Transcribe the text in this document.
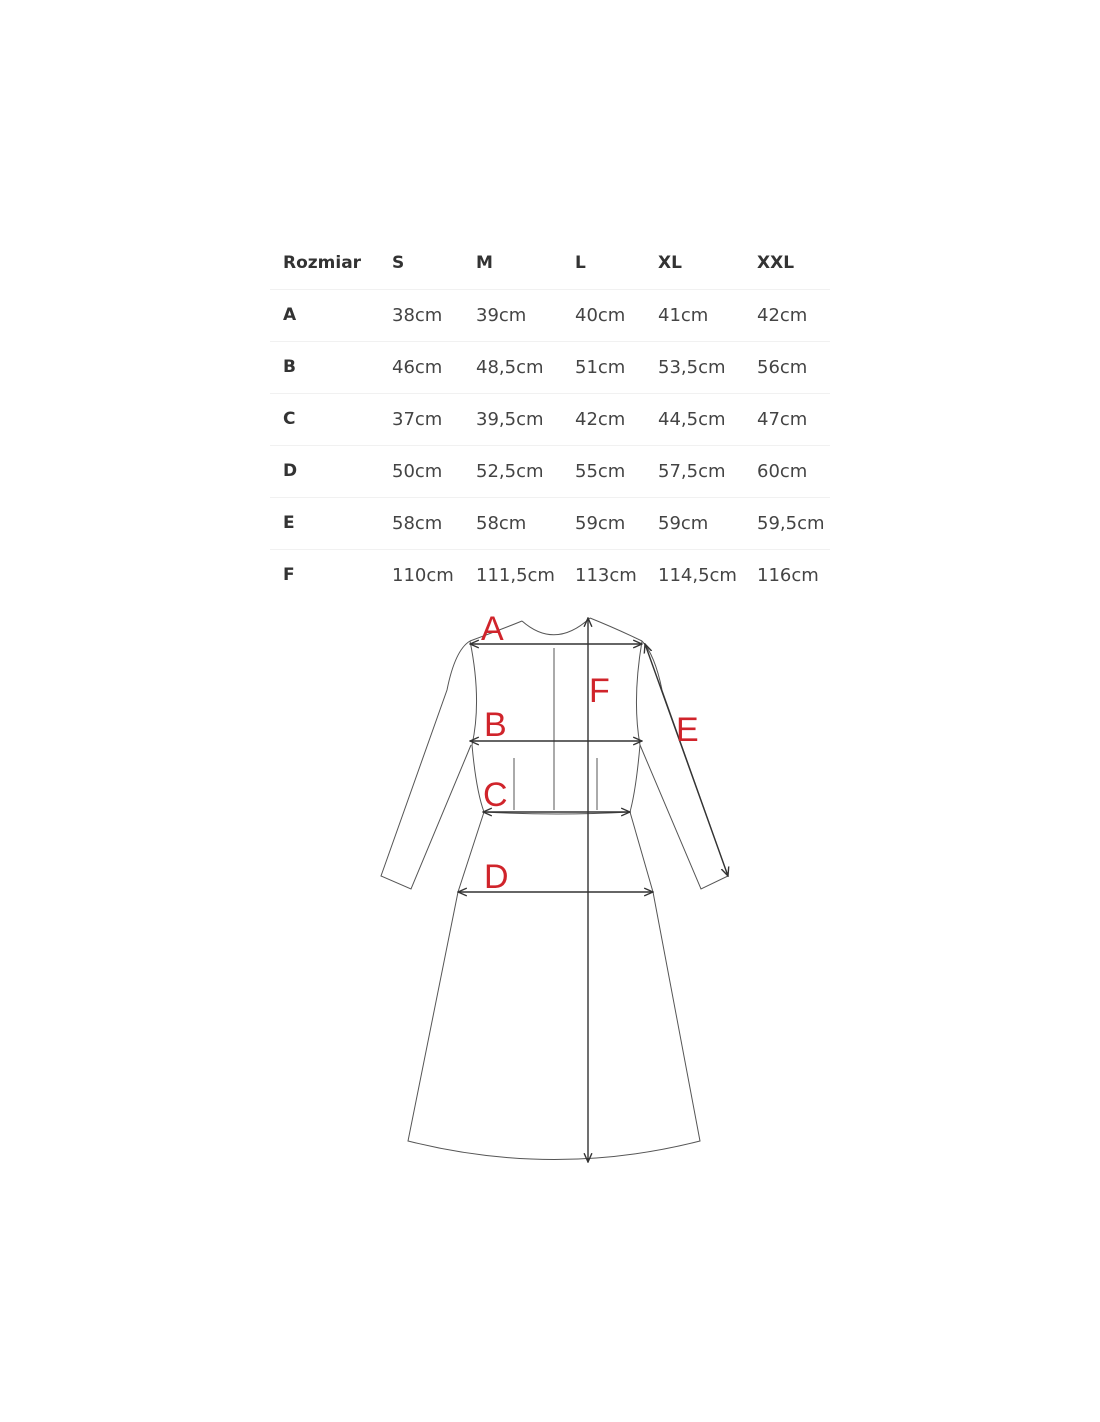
Rozmiar S	M	L	XL	XXL
A	38cm 39cm	40cm 41cm	42cm
B	46cm 48,5cm 51cm 53,5cm 56cm
C	37cm 39,5cm 42cm 44,5cm 47cm
D	50cm 52,5cm 55cm 57,5cm 60cm
E	58cm 58cm	59cm 59cm	59,5cm
F	110cm 111,5cm 113cm 114,5cm 116cm
A
B
C
D
E
F
